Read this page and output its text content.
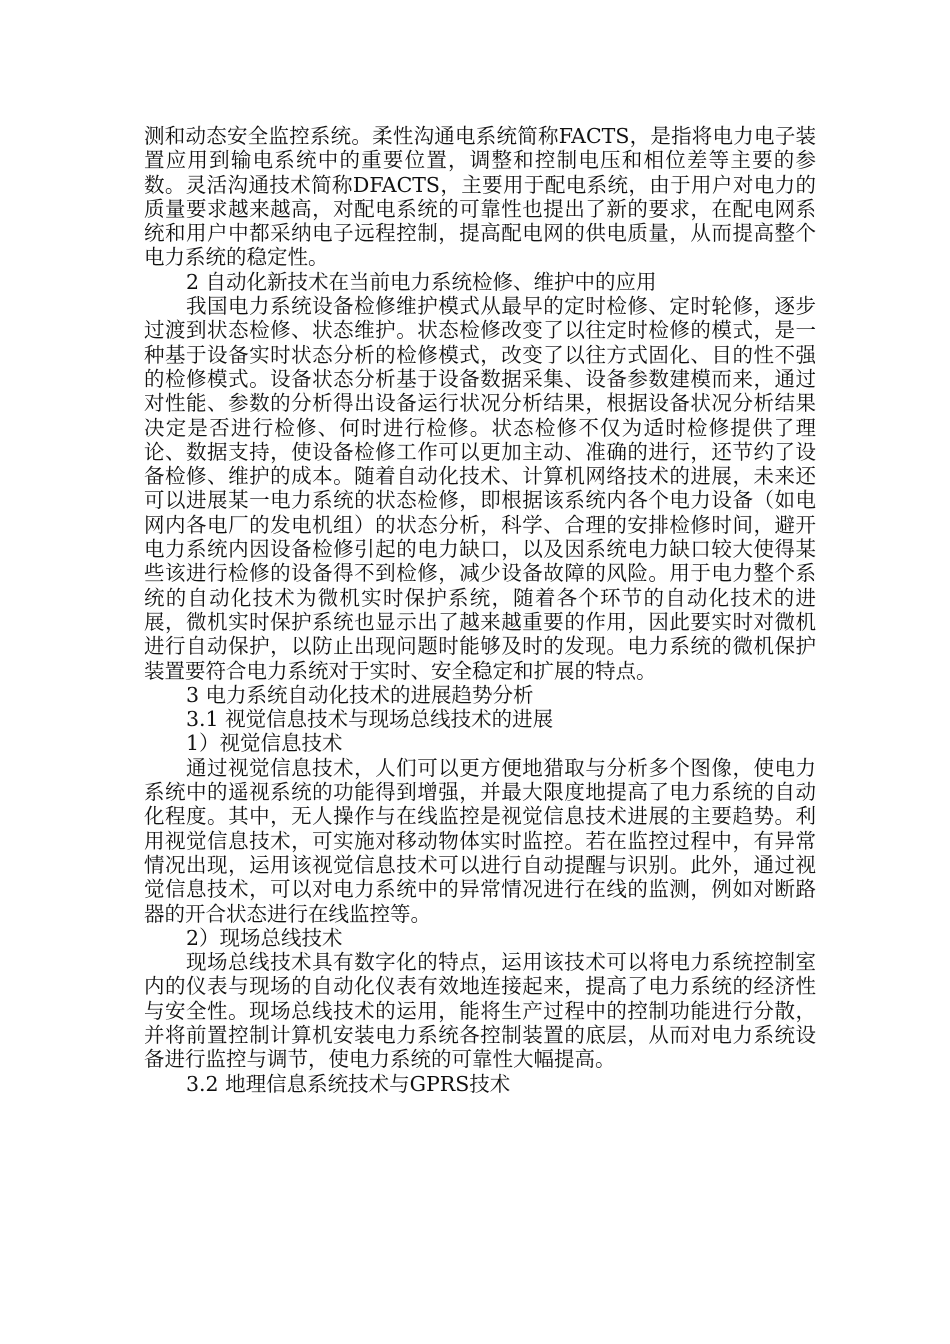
测和动态安全监控系统。柔性沟通电系统简称FACTS，是指将电力电子装置应用到输电系统中的重要位置，调整和控制电压和相位差等主要的参数。灵活沟通技术简称DFACTS，主要用于配电系统，由于用户对电力的质量要求越来越高，对配电系统的可靠性也提出了新的要求，在配电网系统和用户中都采纳电子远程控制，提高配电网的供电质量，从而提高整个电力系统的稳定性。

2 自动化新技术在当前电力系统检修、维护中的应用

我国电力系统设备检修维护模式从最早的定时检修、定时轮修，逐步过渡到状态检修、状态维护。状态检修改变了以往定时检修的模式，是一种基于设备实时状态分析的检修模式，改变了以往方式固化、目的性不强的检修模式。设备状态分析基于设备数据采集、设备参数建模而来，通过对性能、参数的分析得出设备运行状况分析结果，根据设备状况分析结果决定是否进行检修、何时进行检修。状态检修不仅为适时检修提供了理论、数据支持，使设备检修工作可以更加主动、准确的进行，还节约了设备检修、维护的成本。随着自动化技术、计算机网络技术的进展，未来还可以进展某一电力系统的状态检修，即根据该系统内各个电力设备（如电网内各电厂的发电机组）的状态分析，科学、合理的安排检修时间，避开电力系统内因设备检修引起的电力缺口，以及因系统电力缺口较大使得某些该进行检修的设备得不到检修，减少设备故障的风险。用于电力整个系统的自动化技术为微机实时保护系统，随着各个环节的自动化技术的进展，微机实时保护系统也显示出了越来越重要的作用，因此要实时对微机进行自动保护，以防止出现问题时能够及时的发现。电力系统的微机保护装置要符合电力系统对于实时、安全稳定和扩展的特点。

3 电力系统自动化技术的进展趋势分析

3.1 视觉信息技术与现场总线技术的进展

1）视觉信息技术

通过视觉信息技术，人们可以更方便地猎取与分析多个图像，使电力系统中的遥视系统的功能得到增强，并最大限度地提高了电力系统的自动化程度。其中，无人操作与在线监控是视觉信息技术进展的主要趋势。利用视觉信息技术，可实施对移动物体实时监控。若在监控过程中，有异常情况出现，运用该视觉信息技术可以进行自动提醒与识别。此外，通过视觉信息技术，可以对电力系统中的异常情况进行在线的监测，例如对断路器的开合状态进行在线监控等。

2）现场总线技术

现场总线技术具有数字化的特点，运用该技术可以将电力系统控制室内的仪表与现场的自动化仪表有效地连接起来，提高了电力系统的经济性与安全性。现场总线技术的运用，能将生产过程中的控制功能进行分散，并将前置控制计算机安装电力系统各控制装置的底层，从而对电力系统设备进行监控与调节，使电力系统的可靠性大幅提高。

3.2 地理信息系统技术与GPRS技术
